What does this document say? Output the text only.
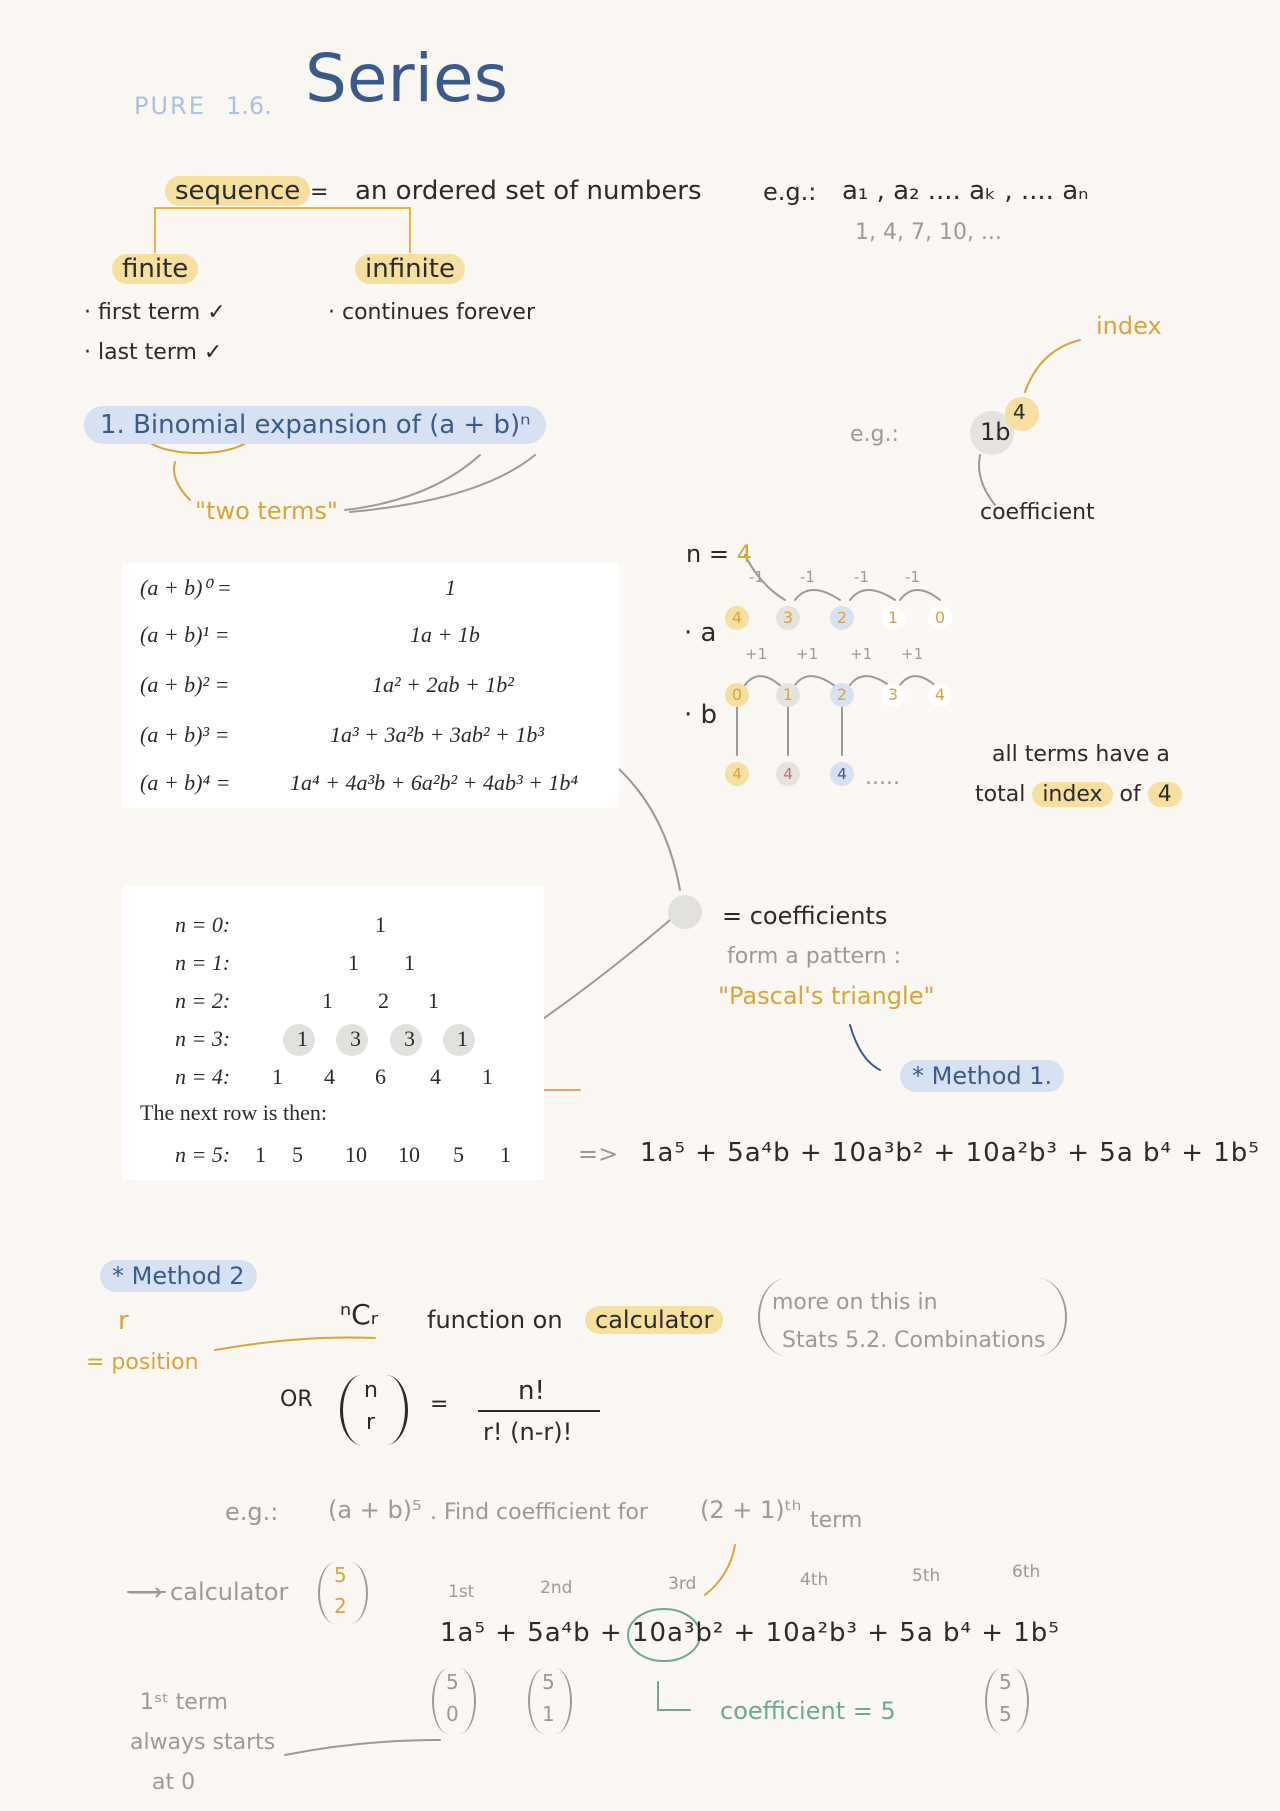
PURE 1.6. Series
sequence = an ordered set of numbers	e.g.: a₁ , a₂ .... aₖ , .... aₙ
1, 4, 7, 10, ...
finite
· first term ✓
· last term ✓
infinite
· continues forever
1. Binomial expansion of (a + b)ⁿ
"two terms"
e.g.:	1b
4
index
coefficient
(a + b)⁰ =	1
(a + b)¹ =	1a + 1b
(a + b)² =	1a² + 2ab + 1b²
(a + b)³ =	1a³ + 3a²b + 3ab² + 1b³
(a + b)⁴ =	1a⁴ + 4a³b + 6a²b² + 4ab³ + 1b⁴
n = 4
· a
· b
4	3	2	1	0
-1 -1	-1 -1
0	1	2	3	4
+1 +1 +1 +1
4	4	4 .....
all terms have a
total index of 4
n = 0:	1
n = 1:	1 1
n = 2:	1 2 1
n = 3:	1 3 3 1
n = 4: 1 4 6 4 1
n = 5: 1 5 10 10 5 1
The next row is then:
= coefficients
form a pattern :
"Pascal's triangle"
* Method 1.
=> 1a⁵ + 5a⁴b + 10a³b² + 10a²b³ + 5a b⁴ + 1b⁵
* Method 2
r
= position
ⁿCᵣ function on	calculator
more on this in
Stats 5.2. Combinations
OR n
r
=	n!
r! (n-r)!
e.g.: (a + b)⁵ . Find coefficient for (2 + 1)ᵗʰ term
⟶ calculator
5
2
1st	2nd	3rd	4th	5th	6th
1a⁵ + 5a⁴b + 10a³b² + 10a²b³ + 5a b⁴ + 1b⁵
5
0
5
1
5
5
coefficient = 5
1ˢᵗ term
always starts
at 0
